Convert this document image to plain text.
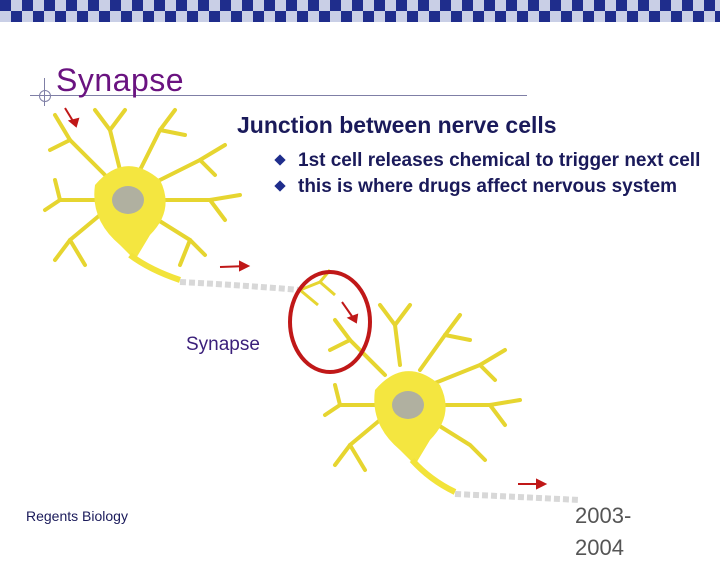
Synapse
Junction between nerve cells
1st cell releases chemical to trigger next cell
this is where drugs affect nervous system
Synapse
Regents Biology	2003-2004
